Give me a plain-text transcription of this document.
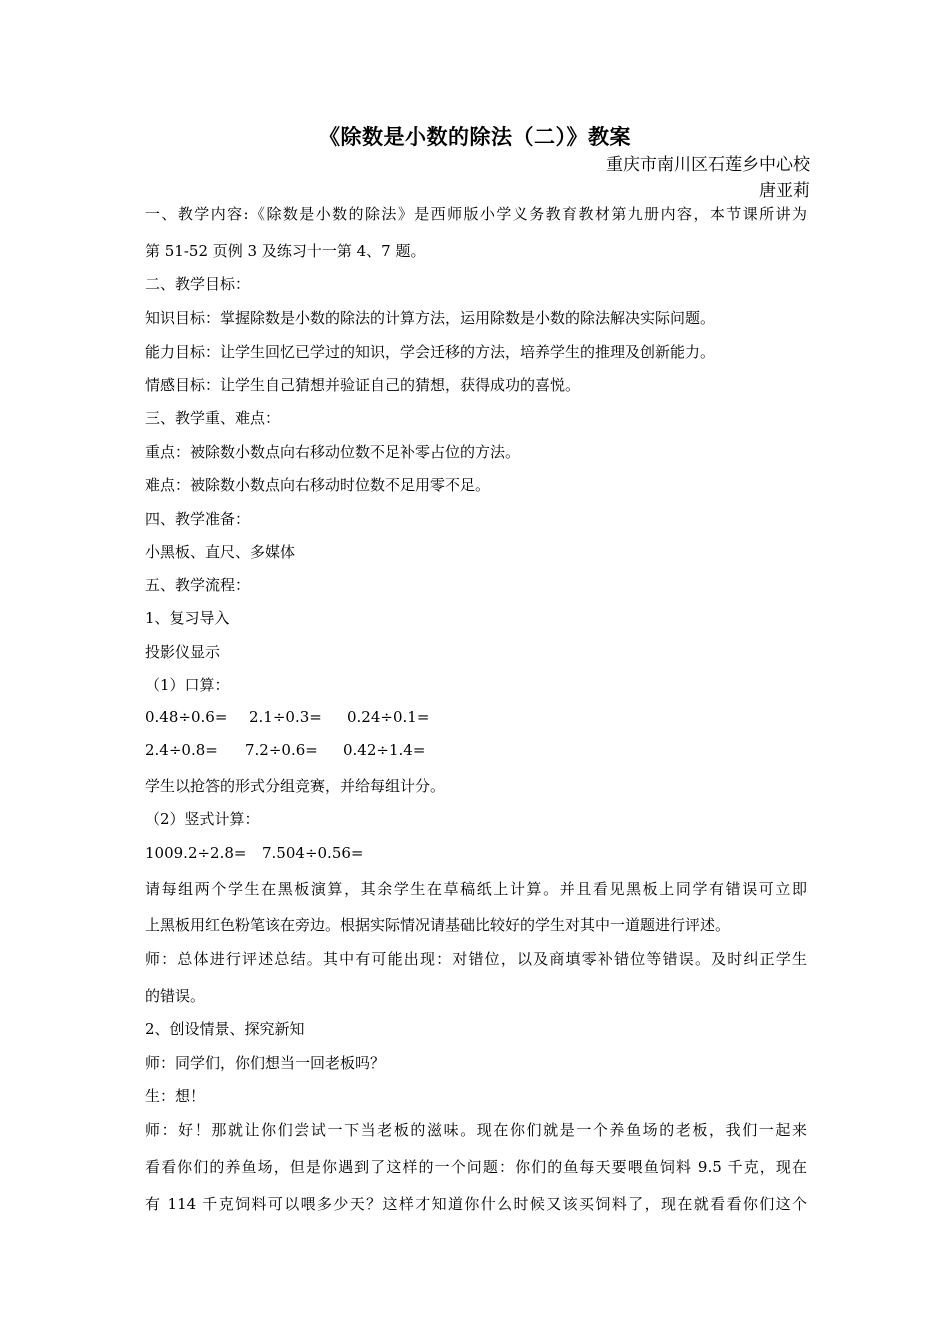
《除数是小数的除法（二）》教案
重庆市南川区石莲乡中心校
唐亚莉
一、教学内容:《除数是小数的除法》是西师版小学义务教育教材第九册内容，本节课所讲为
第 51-52 页例 3 及练习十一第 4、7 题。
二、教学目标：
知识目标：掌握除数是小数的除法的计算方法，运用除数是小数的除法解决实际问题。
能力目标：让学生回忆已学过的知识，学会迁移的方法，培养学生的推理及创新能力。
情感目标：让学生自己猜想并验证自己的猜想，获得成功的喜悦。
三、教学重、难点：
重点：被除数小数点向右移动位数不足补零占位的方法。
难点：被除数小数点向右移动时位数不足用零不足。
四、教学准备：
小黑板、直尺、多媒体
五、教学流程：
1、复习导入
投影仪显示
（1）口算：
0.48÷0.6= 2.1÷0.3= 0.24÷0.1=
2.4÷0.8= 7.2÷0.6= 0.42÷1.4=
学生以抢答的形式分组竞赛，并给每组计分。
（2）竖式计算：
1009.2÷2.8= 7.504÷0.56=
请每组两个学生在黑板演算，其余学生在草稿纸上计算。并且看见黑板上同学有错误可立即
上黑板用红色粉笔该在旁边。根据实际情况请基础比较好的学生对其中一道题进行评述。
师：总体进行评述总结。其中有可能出现：对错位，以及商填零补错位等错误。及时纠正学生
的错误。
2、创设情景、探究新知
师：同学们，你们想当一回老板吗？
生：想！
师：好！那就让你们尝试一下当老板的滋味。现在你们就是一个养鱼场的老板，我们一起来
看看你们的养鱼场，但是你遇到了这样的一个问题：你们的鱼每天要喂鱼饲料 9.5 千克，现在
有 114 千克饲料可以喂多少天？这样才知道你什么时候又该买饲料了，现在就看看你们这个
